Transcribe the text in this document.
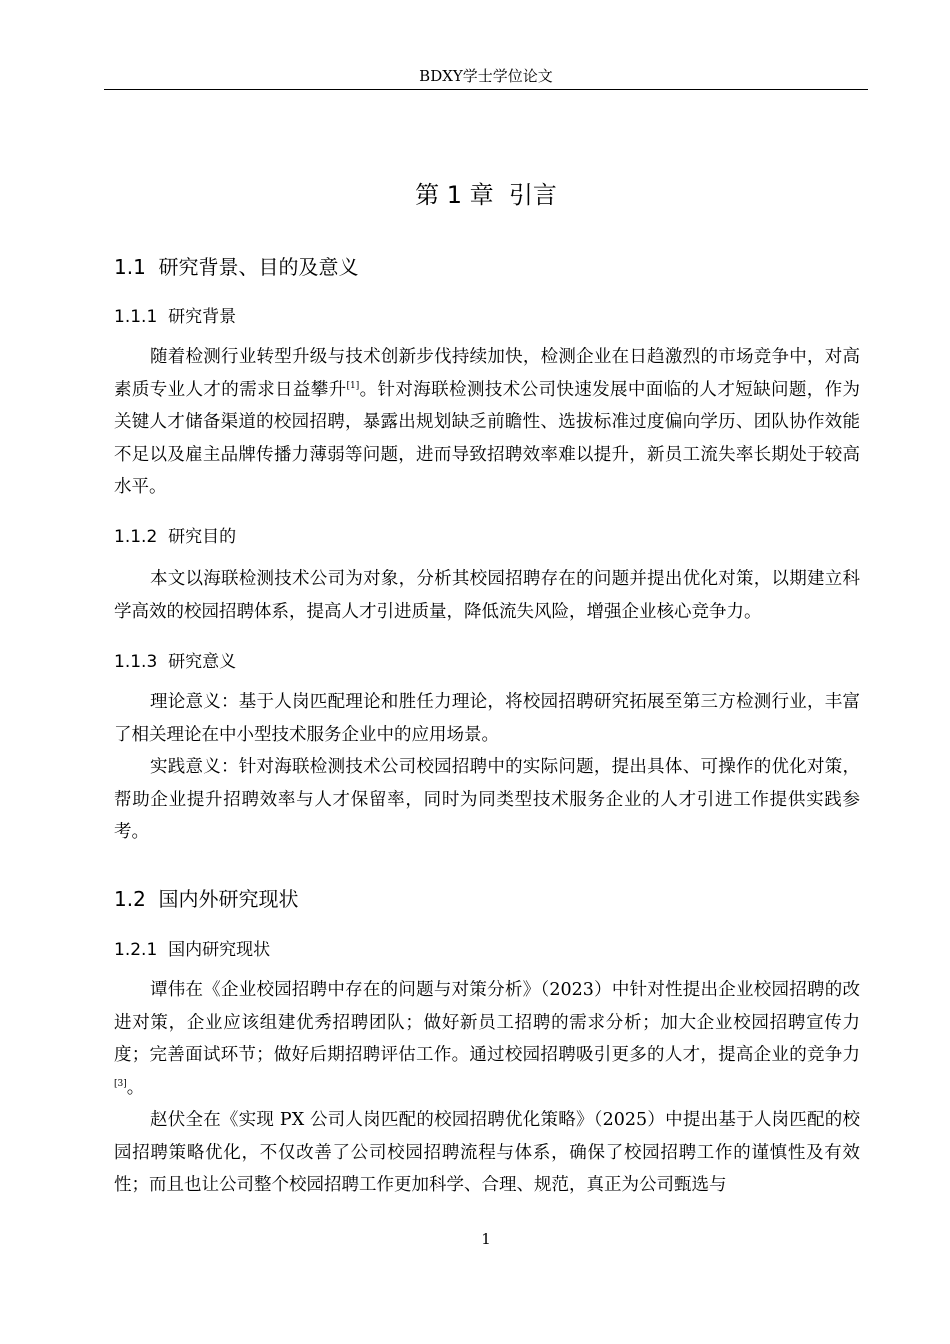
BDXY学士学位论文
第 1 章  引言
1.1  研究背景、目的及意义
1.1.1  研究背景

随着检测行业转型升级与技术创新步伐持续加快，检测企业在日趋激烈的市场竞争中，对高素质专业人才的需求日益攀升[1]。针对海联检测技术公司快速发展中面临的人才短缺问题，作为关键人才储备渠道的校园招聘，暴露出规划缺乏前瞻性、选拔标准过度偏向学历、团队协作效能不足以及雇主品牌传播力薄弱等问题，进而导致招聘效率难以提升，新员工流失率长期处于较高水平。

1.1.2  研究目的

本文以海联检测技术公司为对象，分析其校园招聘存在的问题并提出优化对策，以期建立科学高效的校园招聘体系，提高人才引进质量，降低流失风险，增强企业核心竞争力。

1.1.3  研究意义

理论意义：基于人岗匹配理论和胜任力理论，将校园招聘研究拓展至第三方检测行业，丰富了相关理论在中小型技术服务企业中的应用场景。

实践意义：针对海联检测技术公司校园招聘中的实际问题，提出具体、可操作的优化对策，帮助企业提升招聘效率与人才保留率，同时为同类型技术服务企业的人才引进工作提供实践参考。

1.2  国内外研究现状
1.2.1  国内研究现状

谭伟在《企业校园招聘中存在的问题与对策分析》（2023）中针对性提出企业校园招聘的改进对策，企业应该组建优秀招聘团队；做好新员工招聘的需求分析；加大企业校园招聘宣传力度；完善面试环节；做好后期招聘评估工作。通过校园招聘吸引更多的人才，提高企业的竞争力[3]。

赵伏全在《实现 PX 公司人岗匹配的校园招聘优化策略》（2025）中提出基于人岗匹配的校园招聘策略优化，不仅改善了公司校园招聘流程与体系，确保了校园招聘工作的谨慎性及有效性；而且也让公司整个校园招聘工作更加科学、合理、规范，真正为公司甄选与

1
